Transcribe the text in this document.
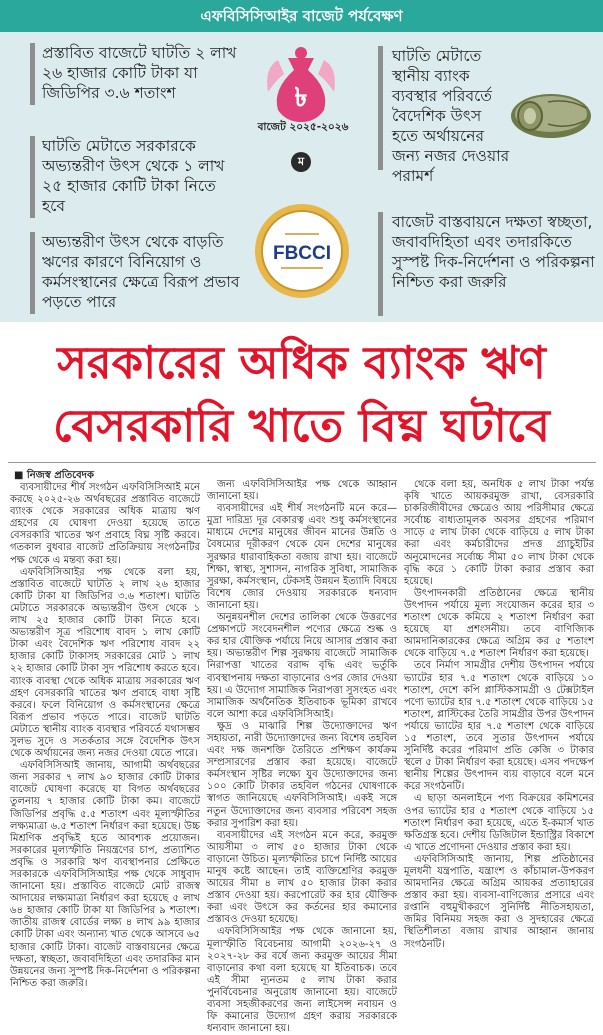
এফবিসিসিআইর বাজেট পর্যবেক্ষণ
প্রস্তাবিত বাজেটে ঘাটতি ২ লাখ ২৬ হাজার কোটি টাকা যা জিডিপির ৩.৬ শতাংশ
ঘাটতি মেটাতে সরকারকে অভ্যন্তরীণ উৎস থেকে ১ লাখ ২৫ হাজার কোটি টাকা নিতে হবে
অভ্যন্তরীণ উৎস থেকে বাড়তি ঋণের কারণে বিনিয়োগ ও কর্মসংস্থানের ক্ষেত্রে বিরূপ প্রভাব পড়তে পারে
ঘাটতি মেটাতে স্থানীয় ব্যাংক ব্যবস্থার পরিবর্তে বৈদেশিক উৎস হতে অর্থায়নের জন্য নজর দেওয়ার পরামর্শ
বাজেট বাস্তবায়নে দক্ষতা স্বচ্ছতা, জবাবদিহিতা এবং তদারকিতে সুস্পষ্ট দিক-নির্দেশনা ও পরিকল্পনা নিশ্চিত করা জরুরি
৳
বাজেট ২০২৫-২০২৬
ম
FBCCI
সরকারের অধিক ব্যাংক ঋণ
বেসরকারি খাতে বিঘ্ন ঘটাবে
■ নিজস্ব প্রতিবেদক

ব্যবসায়ীদের শীর্ষ সংগঠন এফবিসিসিআই মনে করছে ২০২৫-২৬ অর্থবছরের প্রস্তাবিত বাজেটে ব্যাংক থেকে সরকারের অধিক মাত্রায় ঋণ গ্রহণের যে ঘোষণা দেওয়া হয়েছে তাতে বেসরকারি খাতের ঋণ প্রবাহে বিঘ্ন সৃষ্টি করবে। গতকাল বুধবার বাজেট প্রতিক্রিয়ায় সংগঠনটির পক্ষ থেকে এ মন্তব্য করা হয়।

এফবিসিসিআইর পক্ষ থেকে বলা হয়, প্রস্তাবিত বাজেটে ঘাটতি ২ লাখ ২৬ হাজার কোটি টাকা যা জিডিপির ৩.৬ শতাংশ। ঘাটতি মেটাতে সরকারকে অভ্যন্তরীণ উৎস থেকে ১ লাখ ২৫ হাজার কোটি টাকা নিতে হবে। অভ্যন্তরীণ সূত্র পরিশোধ বাবদ ১ লাখ কোটি টাকা এবং বৈদেশিক ঋণ পরিশোধ বাবদ ২২ হাজার কোটি টাকাসহ সরকারের মোট ১ লাখ ২২ হাজার কোটি টাকা সুদ পরিশোধ করতে হবে। ব্যাংক ব্যবস্থা থেকে অধিক মাত্রায় সরকারের ঋণ গ্রহণ বেসরকারি খাতের ঋণ প্রবাহে বাধা সৃষ্টি করবে। ফলে বিনিয়োগ ও কর্মসংস্থানের ক্ষেত্রে বিরূপ প্রভাব পড়তে পারে। বাজেট ঘাটতি মেটাতে স্থানীয় ব্যাংক ব্যবস্থার পরিবর্তে যথাসম্ভব সুলভ সুদে ও সতর্কতার সঙ্গে বৈদেশিক উৎস থেকে অর্থায়নের জন্য নজর দেওয়া যেতে পারে।

এফবিসিসিআই জানায়, আগামী অর্থবছরের জন্য সরকার ৭ লাখ ৯০ হাজার কোটি টাকার বাজেট ঘোষণা করেছে যা বিগত অর্থবছরের তুলনায় ৭ হাজার কোটি টাকা কম। বাজেটে জিডিপির প্রবৃদ্ধি ৫.৫ শতাংশ এবং মূল্যস্ফীতির লক্ষ্যমাত্রা ৬.৫ শতাংশ নির্ধারণ করা হয়েছে। উচ্চ মিশ্রণিক প্রবৃদ্ধিই হতে আবশ্যক প্রয়োজন। সরকারের মূল্যস্ফীতি নিয়ন্ত্রণের চাপ, প্রত্যাশিত প্রবৃদ্ধি ও সরকারি ঋণ ব্যবস্থাপনার প্রেক্ষিতে সরকারকে এফবিসিসিআইর পক্ষ থেকে সাধুবাদ জানানো হয়। প্রস্তাবিত বাজেটে মোট রাজস্ব আদায়ের লক্ষ্যমাত্রা নির্ধারণ করা হয়েছে ৫ লাখ ৬৪ হাজার কোটি টাকা যা জিডিপির ৯ শতাংশ। জাতীয় রাজস্ব বোর্ডের লক্ষ্য ৪ লাখ ৯৯ হাজার কোটি টাকা এবং অন্যান্য খাত থেকে আসবে ৬৫ হাজার কোটি টাকা। বাজেট বাস্তবায়নের ক্ষেত্রে দক্ষতা, স্বচ্ছতা, জবাবদিহিতা এবং তদারকির মান উন্নয়নের জন্য সুস্পষ্ট দিক-নির্দেশনা ও পরিকল্পনা নিশ্চিত করা জরুরি।

জন্য এফবিসিসিআইর পক্ষ থেকে আহ্বান জানানো হয়।

ব্যবসায়ীদের এই শীর্ষ সংগঠনটি মনে করে—মুদ্রা দারিদ্র্য দূর বেকারত্ব এবং শুধু কর্মসংস্থানের মাধ্যমে দেশের মানুষের জীবন মানের উন্নতি ও বৈষম্যের দূরীকরণ থেকে যেন দেশের মানুষের সুরক্ষার ধারাবাহিকতা বজায় রাখা হয়। বাজেটে শিক্ষা, স্বাস্থ্য, সুশাসন, নাগরিক সুবিধা, সামাজিক সুরক্ষা, কর্মসংস্থান, টেকসই উন্নয়ন ইত্যাদি বিষয়ে বিশেষ জোর দেওয়ায় সরকারকে ধন্যবাদ জানানো হয়।

অনুন্নয়নশীল দেশের তালিকা থেকে উত্তরণের প্রেক্ষাপটে সংবেদনশীল পণ্যের ক্ষেত্রে শুল্ক ও কর হার যৌক্তিক পর্যায়ে নিয়ে আসার প্রস্তাব করা হয়। অভ্যন্তরীণ শিল্প সুরক্ষায় বাজেটে সামাজিক নিরাপত্তা খাতের বরাদ্দ বৃদ্ধি এবং ভর্তুকি ব্যবস্থাপনায় দক্ষতা বাড়ানোর ওপর জোর দেওয়া হয়। এ উদ্যোগ সামাজিক নিরাপত্তা সুসংহত এবং সামাজিক অর্থনৈতিক ইতিবাচক ভূমিকা রাখবে বলে আশা করে এফবিসিসিআই।

ক্ষুদ্র ও মাঝারি শিল্প উদ্যোক্তাদের ঋণ সহায়তা, নারী উদ্যোক্তাদের জন্য বিশেষ তহবিল এবং দক্ষ জনশক্তি তৈরিতে প্রশিক্ষণ কার্যক্রম সম্প্রসারণের প্রস্তাব করা হয়েছে। বাজেটে কর্মসংস্থান সৃষ্টির লক্ষ্যে যুব উদ্যোক্তাদের জন্য ১০০ কোটি টাকার তহবিল গঠনের ঘোষণাকে স্বাগত জানিয়েছে এফবিসিসিআই। একই সঙ্গে নতুন উদ্যোক্তাদের জন্য ব্যবসার পরিবেশ সহজ করার সুপারিশ করা হয়।

ব্যবসায়ীদের এই সংগঠন মনে করে, করমুক্ত আয়সীমা ৩ লাখ ৫০ হাজার টাকা থেকে বাড়ানো উচিত। মূল্যস্ফীতির চাপে নির্দিষ্ট আয়ের মানুষ কষ্টে আছেন। তাই ব্যক্তিশ্রেণির করমুক্ত আয়ের সীমা ৪ লাখ ৫০ হাজার টাকা করার প্রস্তাব দেওয়া হয়। করপোরেট কর হার যৌক্তিক করা এবং উৎসে কর কর্তনের হার কমানোর প্রস্তাবও দেওয়া হয়েছে।

এফবিসিসিআইর পক্ষ থেকে জানানো হয়, মূল্যস্ফীতি বিবেচনায় আগামী ২০২৬-২৭ ও ২০২৭-২৮ কর বর্ষে জন্য করমুক্ত আয়ের সীমা বাড়ানোর কথা বলা হয়েছে যা ইতিবাচক। তবে এই সীমা ন্যূনতম ৫ লাখ টাকা করার পুনর্বিবেচনার অনুরোধ জানানো হয়। বাজেটে ব্যবসা সহজীকরণের জন্য লাইসেন্স নবায়ন ও ফি কমানোর উদ্যোগ গ্রহণ করায় সরকারকে ধন্যবাদ জানানো হয়।

থেকে বলা হয়, অনধিক ৫ লাখ টাকা পর্যন্ত কৃষি খাতে আয়করমুক্ত রাখা, বেসরকারি চাকরিজীবীদের ক্ষেত্রেও আয় পরিসীমার ক্ষেত্রে সর্বোচ্চ বাধ্যতামূলক অবসর গ্রহণের পরিমাণ সাড়ে ৫ লাখ টাকা থেকে বাড়িয়ে ৫ লাখ টাকা করা এবং কর্মচারীদের প্রদত্ত গ্র্যাচুইটির অনুমোদনের সর্বোচ্চ সীমা ৫০ লাখ টাকা থেকে বৃদ্ধি করে ১ কোটি টাকা করার প্রস্তাব করা হয়েছে।

উৎপাদনকারী প্রতিষ্ঠানের ক্ষেত্রে স্থানীয় উৎপাদন পর্যায়ে মূল্য সংযোজন করের হার ৩ শতাংশ থেকে কমিয়ে ২ শতাংশ নির্ধারণ করা হয়েছে যা প্রশংসনীয়। তবে বাণিজ্যিক আমদানিকারকের ক্ষেত্রে অগ্রিম কর ৫ শতাংশ থেকে বাড়িয়ে ৭.৫ শতাংশ নির্ধারণ করা হয়েছে।

তবে নির্মাণ সামগ্রীর দেশীয় উৎপাদন পর্যায়ে ভ্যাটের হার ৭.৫ শতাংশ থেকে বাড়িয়ে ১০ শতাংশ, দেশে কপি প্লাস্টিকসামগ্রী ও টেক্সটাইল পণ্যে ভ্যাটের হার ৭.৫ শতাংশ থেকে বাড়িয়ে ১৫ শতাংশ, প্লাস্টিকের তৈরি সামগ্রীর উপর উৎপাদন পর্যায়ে ভ্যাটের হার ৭.৫ শতাংশ থেকে বাড়িয়ে ১৫ শতাংশ, তবে সুতার উৎপাদন পর্যায়ে সুনির্দিষ্ট করের পরিমাণ প্রতি কেজি ৩ টাকার স্থলে ৫ টাকা নির্ধারণ করা হয়েছে। এসব পদক্ষেপ স্থানীয় শিল্পের উৎপাদন ব্যয় বাড়াবে বলে মনে করে সংগঠনটি।

এ ছাড়া অনলাইনে পণ্য বিক্রয়ের কমিশনের ওপর ভ্যাটের হার ৫ শতাংশ থেকে বাড়িয়ে ১৫ শতাংশ নির্ধারণ করা হয়েছে, এতে ই-কমার্স খাত ক্ষতিগ্রস্ত হবে। দেশীয় ডিজিটাল ইন্ডাস্ট্রির বিকাশে এ খাতে প্রণোদনা দেওয়ার প্রস্তাব করা হয়।

এফবিসিসিআই জানায়, শিল্প প্রতিষ্ঠানের মূলধনী যন্ত্রপাতি, যন্ত্রাংশ ও কাঁচামাল-উপকরণ আমদানির ক্ষেত্রে অগ্রিম আয়কর প্রত্যাহারের প্রস্তাব করা হয়। ব্যবসা-বাণিজ্যের প্রসারে এবং রপ্তানি বহুমুখীকরণে সুনির্দিষ্ট নীতিসহায়তা, জমির বিনিময় সহজ করা ও সুদহারের ক্ষেত্রে স্থিতিশীলতা বজায় রাখার আহ্বান জানায় সংগঠনটি।
